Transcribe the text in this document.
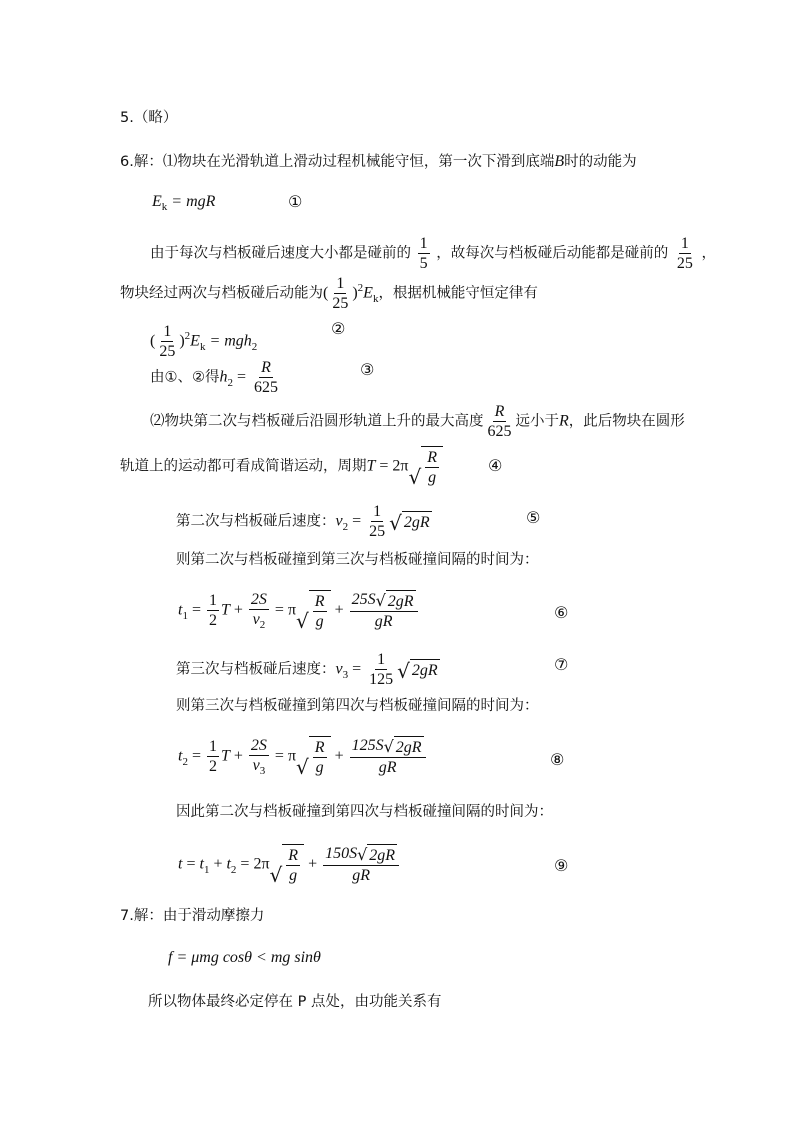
5.（略）
6.解：⑴物块在光滑轨道上滑动过程机械能守恒，第一次下滑到底端B时的动能为
$E_k$ = mgR	①
由于每次与档板碰后速度大小都是碰前的 $\frac{1}{5}$ ，故每次与档板碰后动能都是碰前的 $\frac{1}{25}$ ，
物块经过两次与档板碰后动能为( $\frac{1}{25} )^2E_k$，根据机械能守恒定律有
( $\frac{1}{25} )^2E_k = mgh_2$
②
由①、②得$h_2 = \frac{R}{625}$	③
⑵物块第二次与档板碰后沿圆形轨道上升的最大高度 $\frac{R}{625}$ 远小于R，此后物块在圆形
轨道上的运动都可看成简谐运动，周期T = 2π √ $\frac{R}{g}$	④
第二次与档板碰后速度：$v_2 = \frac{1}{25}$ √ 2gR	⑤
则第二次与档板碰撞到第三次与档板碰撞间隔的时间为：
$t_1 = \frac{1}{2}$ $T + \frac{2S}{v_2} = \pi$ √ $\frac{R}{g} + \frac{25S √ 2gR}{gR}$	⑥
第三次与档板碰后速度：$v_3 = \frac{1}{125}$ √ 2gR	⑦
则第三次与档板碰撞到第四次与档板碰撞间隔的时间为：
$t_2 = \frac{1}{2}$ $T + \frac{2S}{v_3} = \pi$ √ $\frac{R}{g} + \frac{125S √ 2gR}{gR}$	⑧
因此第二次与档板碰撞到第四次与档板碰撞间隔的时间为：
$t = t_1 + t_2 = 2\pi$ √ $\frac{R}{g} + \frac{150S √ 2gR}{gR}$	⑨
7.解：由于滑动摩擦力
f = μmg cosθ < mg sinθ
所以物体最终必定停在 P 点处，由功能关系有
